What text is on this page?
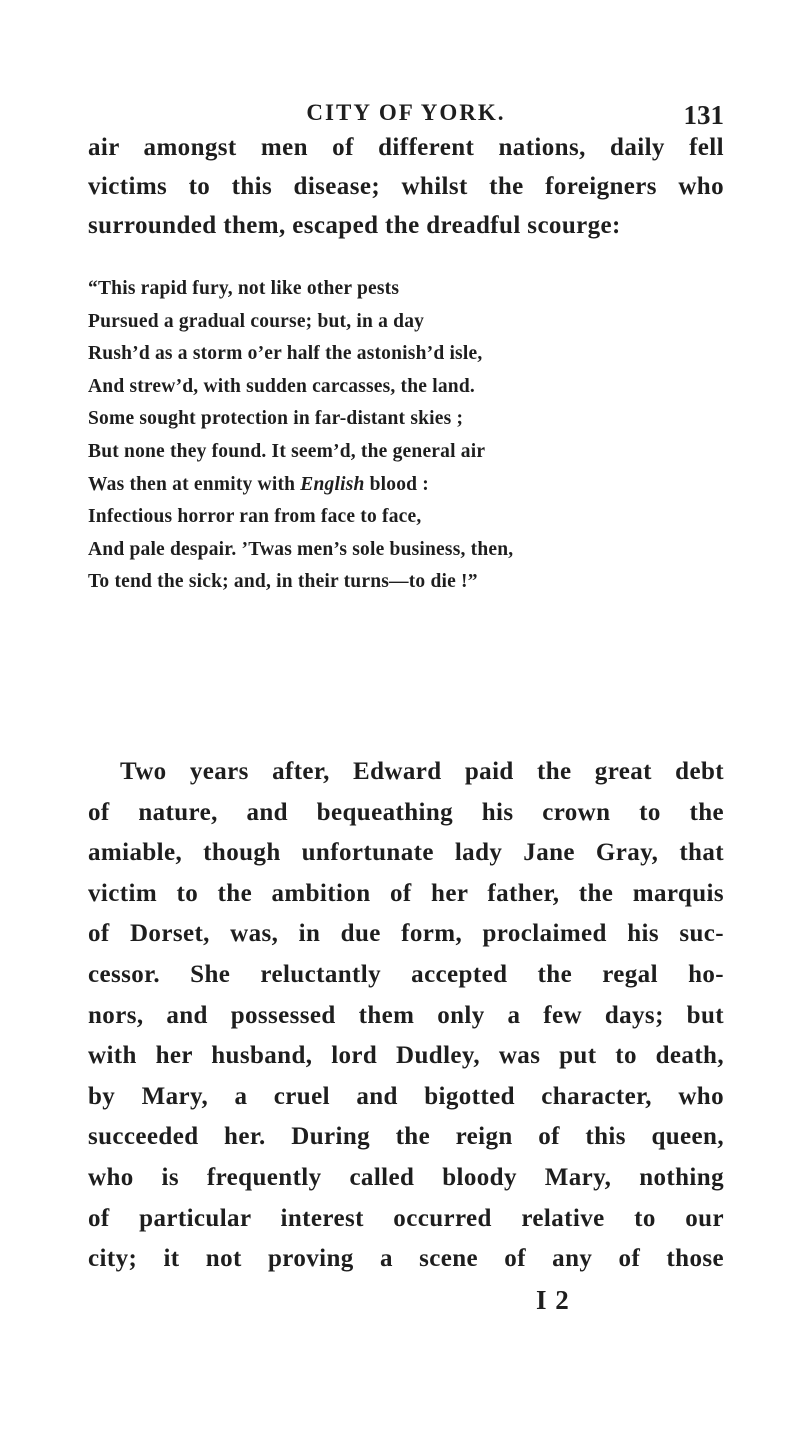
CITY OF YORK.	131
air amongst men of different nations, daily fell
victims to this disease; whilst the foreigners who
surrounded them, escaped the dreadful scourge:
“This rapid fury, not like other pests
Pursued a gradual course; but, in a day
Rush’d as a storm o’er half the astonish’d isle,
And strew’d, with sudden carcasses, the land.
Some sought protection in far-distant skies ;
But none they found. It seem’d, the general air
Was then at enmity with English blood :
Infectious horror ran from face to face,
And pale despair. ’Twas men’s sole business, then,
To tend the sick; and, in their turns—to die !”
Two years after, Edward paid the great debt
of nature, and bequeathing his crown to the
amiable, though unfortunate lady Jane Gray, that
victim to the ambition of her father, the marquis
of Dorset, was, in due form, proclaimed his suc-
cessor. She reluctantly accepted the regal ho-
nors, and possessed them only a few days; but
with her husband, lord Dudley, was put to death,
by Mary, a cruel and bigotted character, who
succeeded her. During the reign of this queen,
who is frequently called bloody Mary, nothing
of particular interest occurred relative to our
city; it not proving a scene of any of those
I 2
